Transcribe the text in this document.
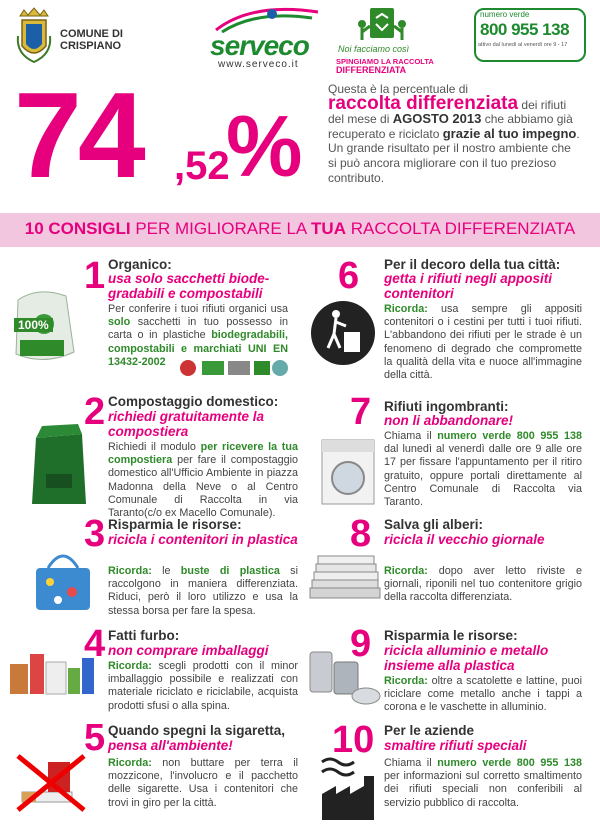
COMUNE DI
CRISPIANO	serveco
www.serveco.it
Noi facciamo così
SPINGIAMO LA RACCOLTA
DIFFERENZIATA
numero verde
800 955 138
attivo dal lunedì al venerdì ore 9 - 17
74 ,52
%
Questa è la percentuale di
raccolta differenziata dei rifiuti del mese di AGOSTO 2013 che abbiamo già recuperato e riciclato grazie al tuo impegno. Un grande risultato per il nostro ambiente che si può ancora migliorare con il tuo prezioso contributo.
10 CONSIGLI PER MIGLIORARE LA TUA RACCOLTA DIFFERENZIATA
100%
1 Organico:
usa solo sacchetti biode-gradabili e compostabili
Per conferire i tuoi rifiuti organici usa solo sacchetti in tuo possesso in carta o in plastiche biodegradabili, compostabili e marchiati UNI EN 13432-2002
2 Compostaggio domestico:
richiedi gratuitamente la compostiera
Richiedi il modulo per ricevere la tua compostiera per fare il compostaggio domestico all'Ufficio Ambiente in piazza Madonna della Neve o al Centro Comunale di Raccolta in via Taranto(c/o ex Macello Comunale).
3 Risparmia le risorse:
ricicla i contenitori in plastica
Ricorda: le buste di plastica si raccolgono in maniera differenziata. Riduci, però il loro utilizzo e usa la stessa borsa per fare la spesa.
4 Fatti furbo:
non comprare imballaggi
Ricorda: scegli prodotti con il minor imballaggio possibile e realizzati con materiale riciclato e riciclabile, acquista prodotti sfusi o alla spina.
5 Quando spegni la sigaretta,
pensa all'ambiente!
Ricorda: non buttare per terra il mozzicone, l'involucro e il pacchetto delle sigarette. Usa i contenitori che trovi in giro per la città.
6 Per il decoro della tua città:
getta i rifiuti negli appositi contenitori
Ricorda: usa sempre gli appositi contenitori o i cestini per tutti i tuoi rifiuti. L'abbandono dei rifiuti per le strade è un fenomeno di degrado che compromette la qualità della vita e nuoce all'immagine della città.
7 Rifiuti ingombranti:
non li abbandonare!
Chiama il numero verde 800 955 138 dal lunedì al venerdì dalle ore 9 alle ore 17 per fissare l'appuntamento per il ritiro gratuito, oppure portali direttamente al Centro Comunale di Raccolta via Taranto.
8 Salva gli alberi:
ricicla il vecchio giornale
Ricorda: dopo aver letto riviste e giornali, riponili nel tuo contenitore grigio della raccolta differenziata.
9 Risparmia le risorse:
ricicla alluminio e metallo insieme alla plastica
Ricorda: oltre a scatolette e lattine, puoi riciclare come metallo anche i tappi a corona e le vaschette in alluminio.
10 Per le aziende
smaltire rifiuti speciali
Chiama il numero verde 800 955 138 per informazioni sul corretto smaltimento dei rifiuti speciali non conferibili al servizio pubblico di raccolta.
